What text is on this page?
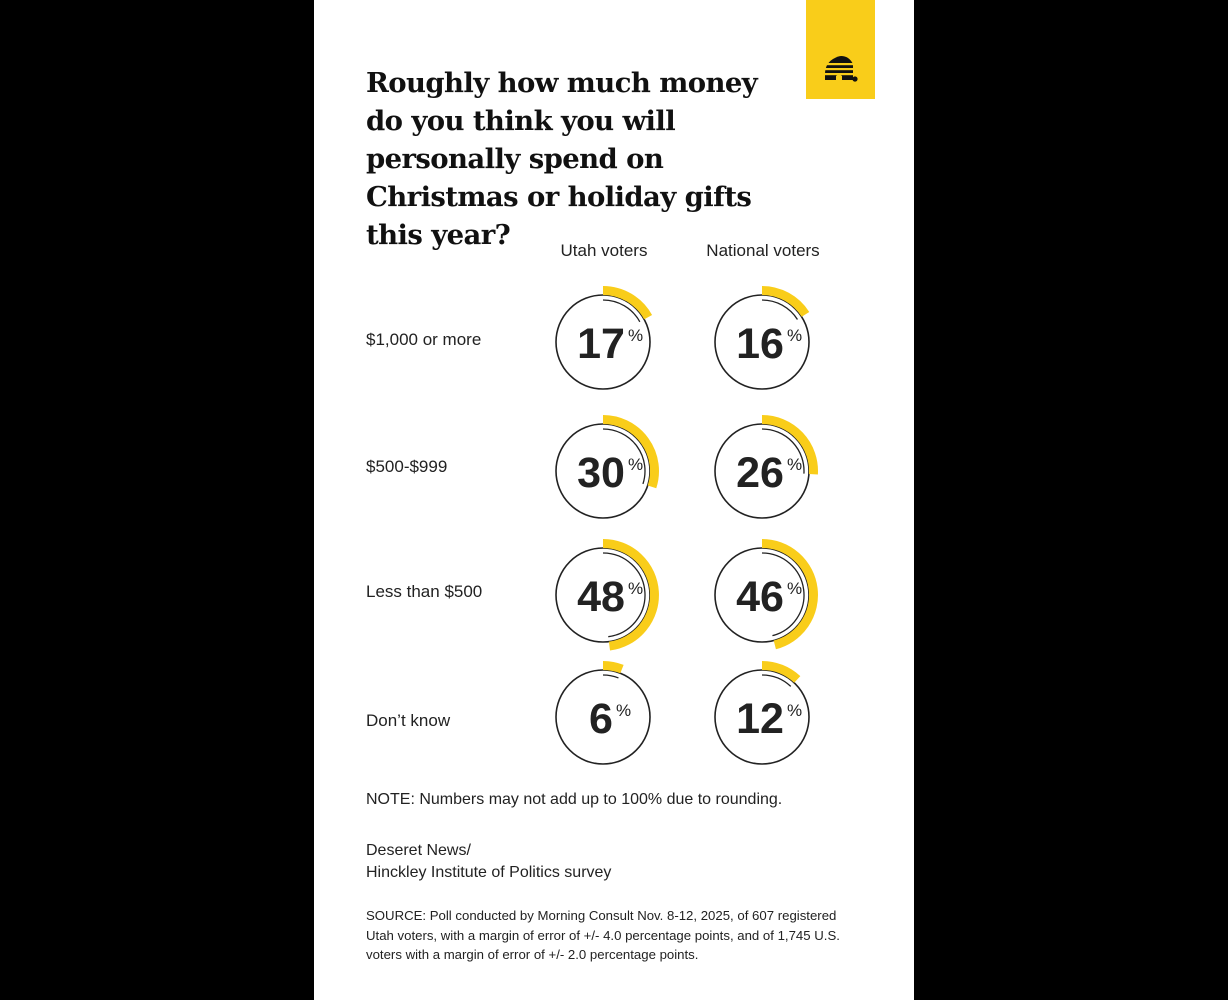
Roughly how much money do you think you will personally spend on Christmas or holiday gifts this year?	Utah voters	National voters
$1,000 or more
$500-$999
Less than $500
Don’t know
17 %
30 %
48 %
6 %
16 %
26 %
46 %
12 %
NOTE: Numbers may not add up to 100% due to rounding.
Deseret News/
Hinckley Institute of Politics survey
SOURCE: Poll conducted by Morning Consult Nov. 8-12, 2025, of 607 registered Utah voters, with a margin of error of +/- 4.0 percentage points, and of 1,745 U.S. voters with a margin of error of +/- 2.0 percentage points.
